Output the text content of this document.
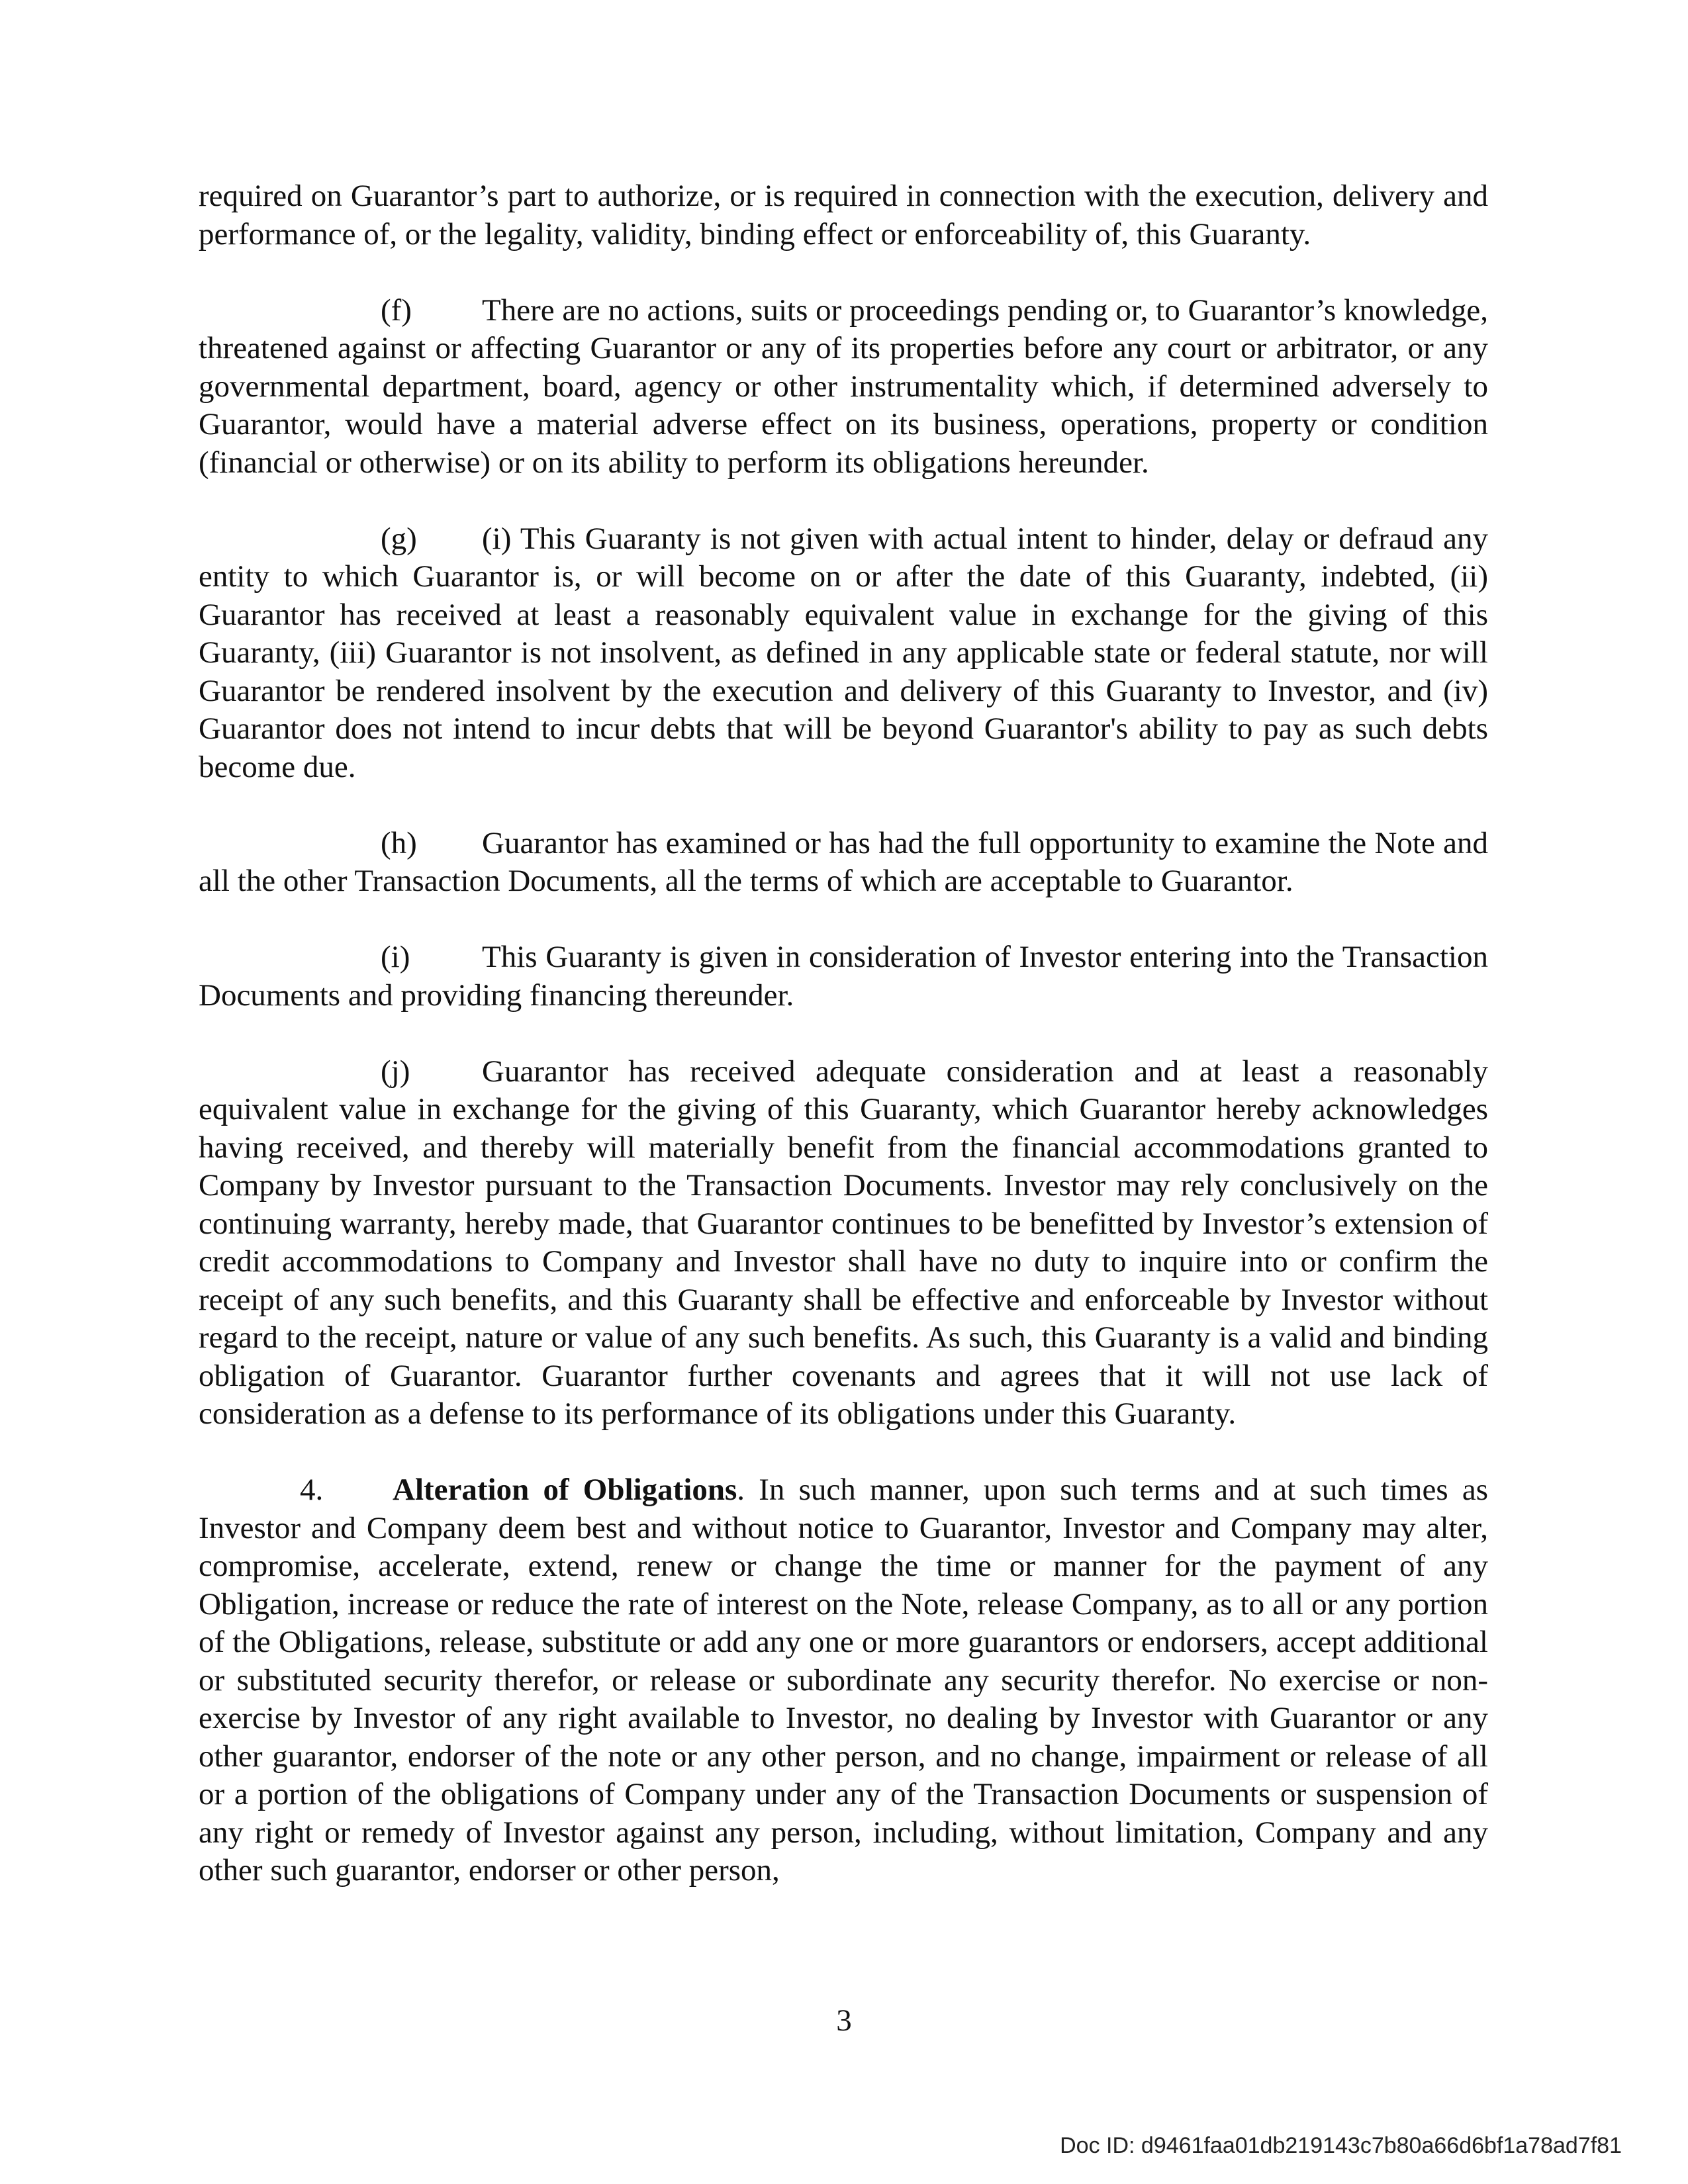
required on Guarantor’s part to authorize, or is required in connection with the execution, delivery and performance of, or the legality, validity, binding effect or enforceability of, this Guaranty.

(f) There are no actions, suits or proceedings pending or, to Guarantor’s knowledge, threatened against or affecting Guarantor or any of its properties before any court or arbitrator, or any governmental department, board, agency or other instrumentality which, if determined adversely to Guarantor, would have a material adverse effect on its business, operations, property or condition (financial or otherwise) or on its ability to perform its obligations hereunder.

(g) (i) This Guaranty is not given with actual intent to hinder, delay or defraud any entity to which Guarantor is, or will become on or after the date of this Guaranty, indebted, (ii) Guarantor has received at least a reasonably equivalent value in exchange for the giving of this Guaranty, (iii) Guarantor is not insolvent, as defined in any applicable state or federal statute, nor will Guarantor be rendered insolvent by the execution and delivery of this Guaranty to Investor, and (iv) Guarantor does not intend to incur debts that will be beyond Guarantor's ability to pay as such debts become due.

(h) Guarantor has examined or has had the full opportunity to examine the Note and all the other Transaction Documents, all the terms of which are acceptable to Guarantor.

(i) This Guaranty is given in consideration of Investor entering into the Transaction Documents and providing financing thereunder.

(j) Guarantor has received adequate consideration and at least a reasonably equivalent value in exchange for the giving of this Guaranty, which Guarantor hereby acknowledges having received, and thereby will materially benefit from the financial accommodations granted to Company by Investor pursuant to the Transaction Documents. Investor may rely conclusively on the continuing warranty, hereby made, that Guarantor continues to be benefitted by Investor’s extension of credit accommodations to Company and Investor shall have no duty to inquire into or confirm the receipt of any such benefits, and this Guaranty shall be effective and enforceable by Investor without regard to the receipt, nature or value of any such benefits. As such, this Guaranty is a valid and binding obligation of Guarantor. Guarantor further covenants and agrees that it will not use lack of consideration as a defense to its performance of its obligations under this Guaranty.

4. Alteration of Obligations. In such manner, upon such terms and at such times as Investor and Company deem best and without notice to Guarantor, Investor and Company may alter, compromise, accelerate, extend, renew or change the time or manner for the payment of any Obligation, increase or reduce the rate of interest on the Note, release Company, as to all or any portion of the Obligations, release, substitute or add any one or more guarantors or endorsers, accept additional or substituted security therefor, or release or subordinate any security therefor. No exercise or non-exercise by Investor of any right available to Investor, no dealing by Investor with Guarantor or any other guarantor, endorser of the note or any other person, and no change, impairment or release of all or a portion of the obligations of Company under any of the Transaction Documents or suspension of any right or remedy of Investor against any person, including, without limitation, Company and any other such guarantor, endorser or other person,

3
Doc ID: d9461faa01db219143c7b80a66d6bf1a78ad7f81
